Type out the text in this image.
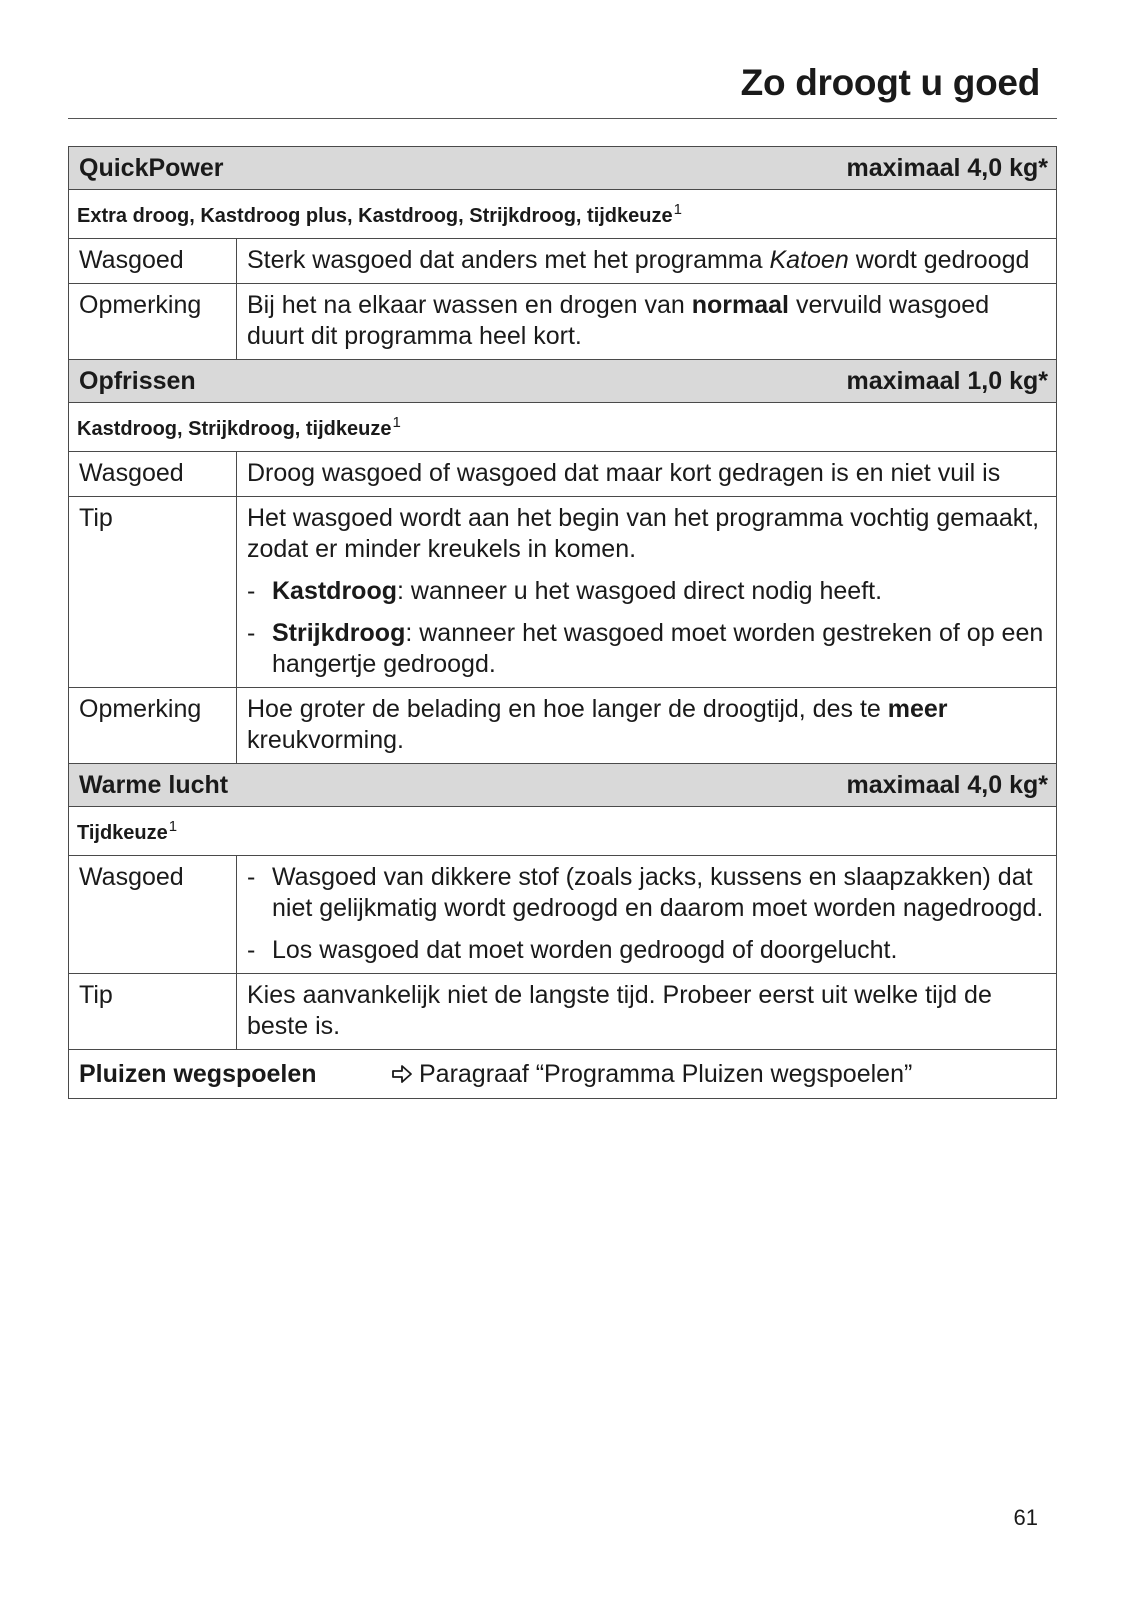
Zo droogt u goed
QuickPower maximaal 4,0 kg*	

Extra droog, Kastdroog plus, Kastdroog, Strijkdroog, tijdkeuze$^1$
Wasgoed	Sterk wasgoed dat anders met het programma Katoen wordt gedroogd
Opmerking	Bij het na elkaar wassen en drogen van normaal vervuild wasgoed duurt dit programma heel kort.

Opfrissen maximaal 1,0 kg*	

Kastdroog, Strijkdroog, tijdkeuze$^1$
Wasgoed	Droog wasgoed of wasgoed dat maar kort gedragen is en niet vuil is
Tip	Het wasgoed wordt aan het begin van het programma vochtig gemaakt, zodat er minder kreukels in komen.
- Kastdroog: wanneer u het wasgoed direct nodig heeft.
- Strijkdroog: wanneer het wasgoed moet worden gestreken of op een hangertje gedroogd.

Opmerking	Hoe groter de belading en hoe langer de droogtijd, des te meer kreukvorming.

Warme lucht maximaal 4,0 kg*	

Tijdkeuze$^1$
Wasgoed	- Wasgoed van dikkere stof (zoals jacks, kussens en slaapzakken) dat niet gelijkmatig wordt gedroogd en daarom moet worden nagedroogd.
- Los wasgoed dat moet worden gedroogd of doorgelucht.

Tip	Kies aanvankelijk niet de langste tijd. Probeer eerst uit welke tijd de beste is.

Pluizen wegspoelen Paragraaf “Programma Pluizen wegspoelen”	
61
